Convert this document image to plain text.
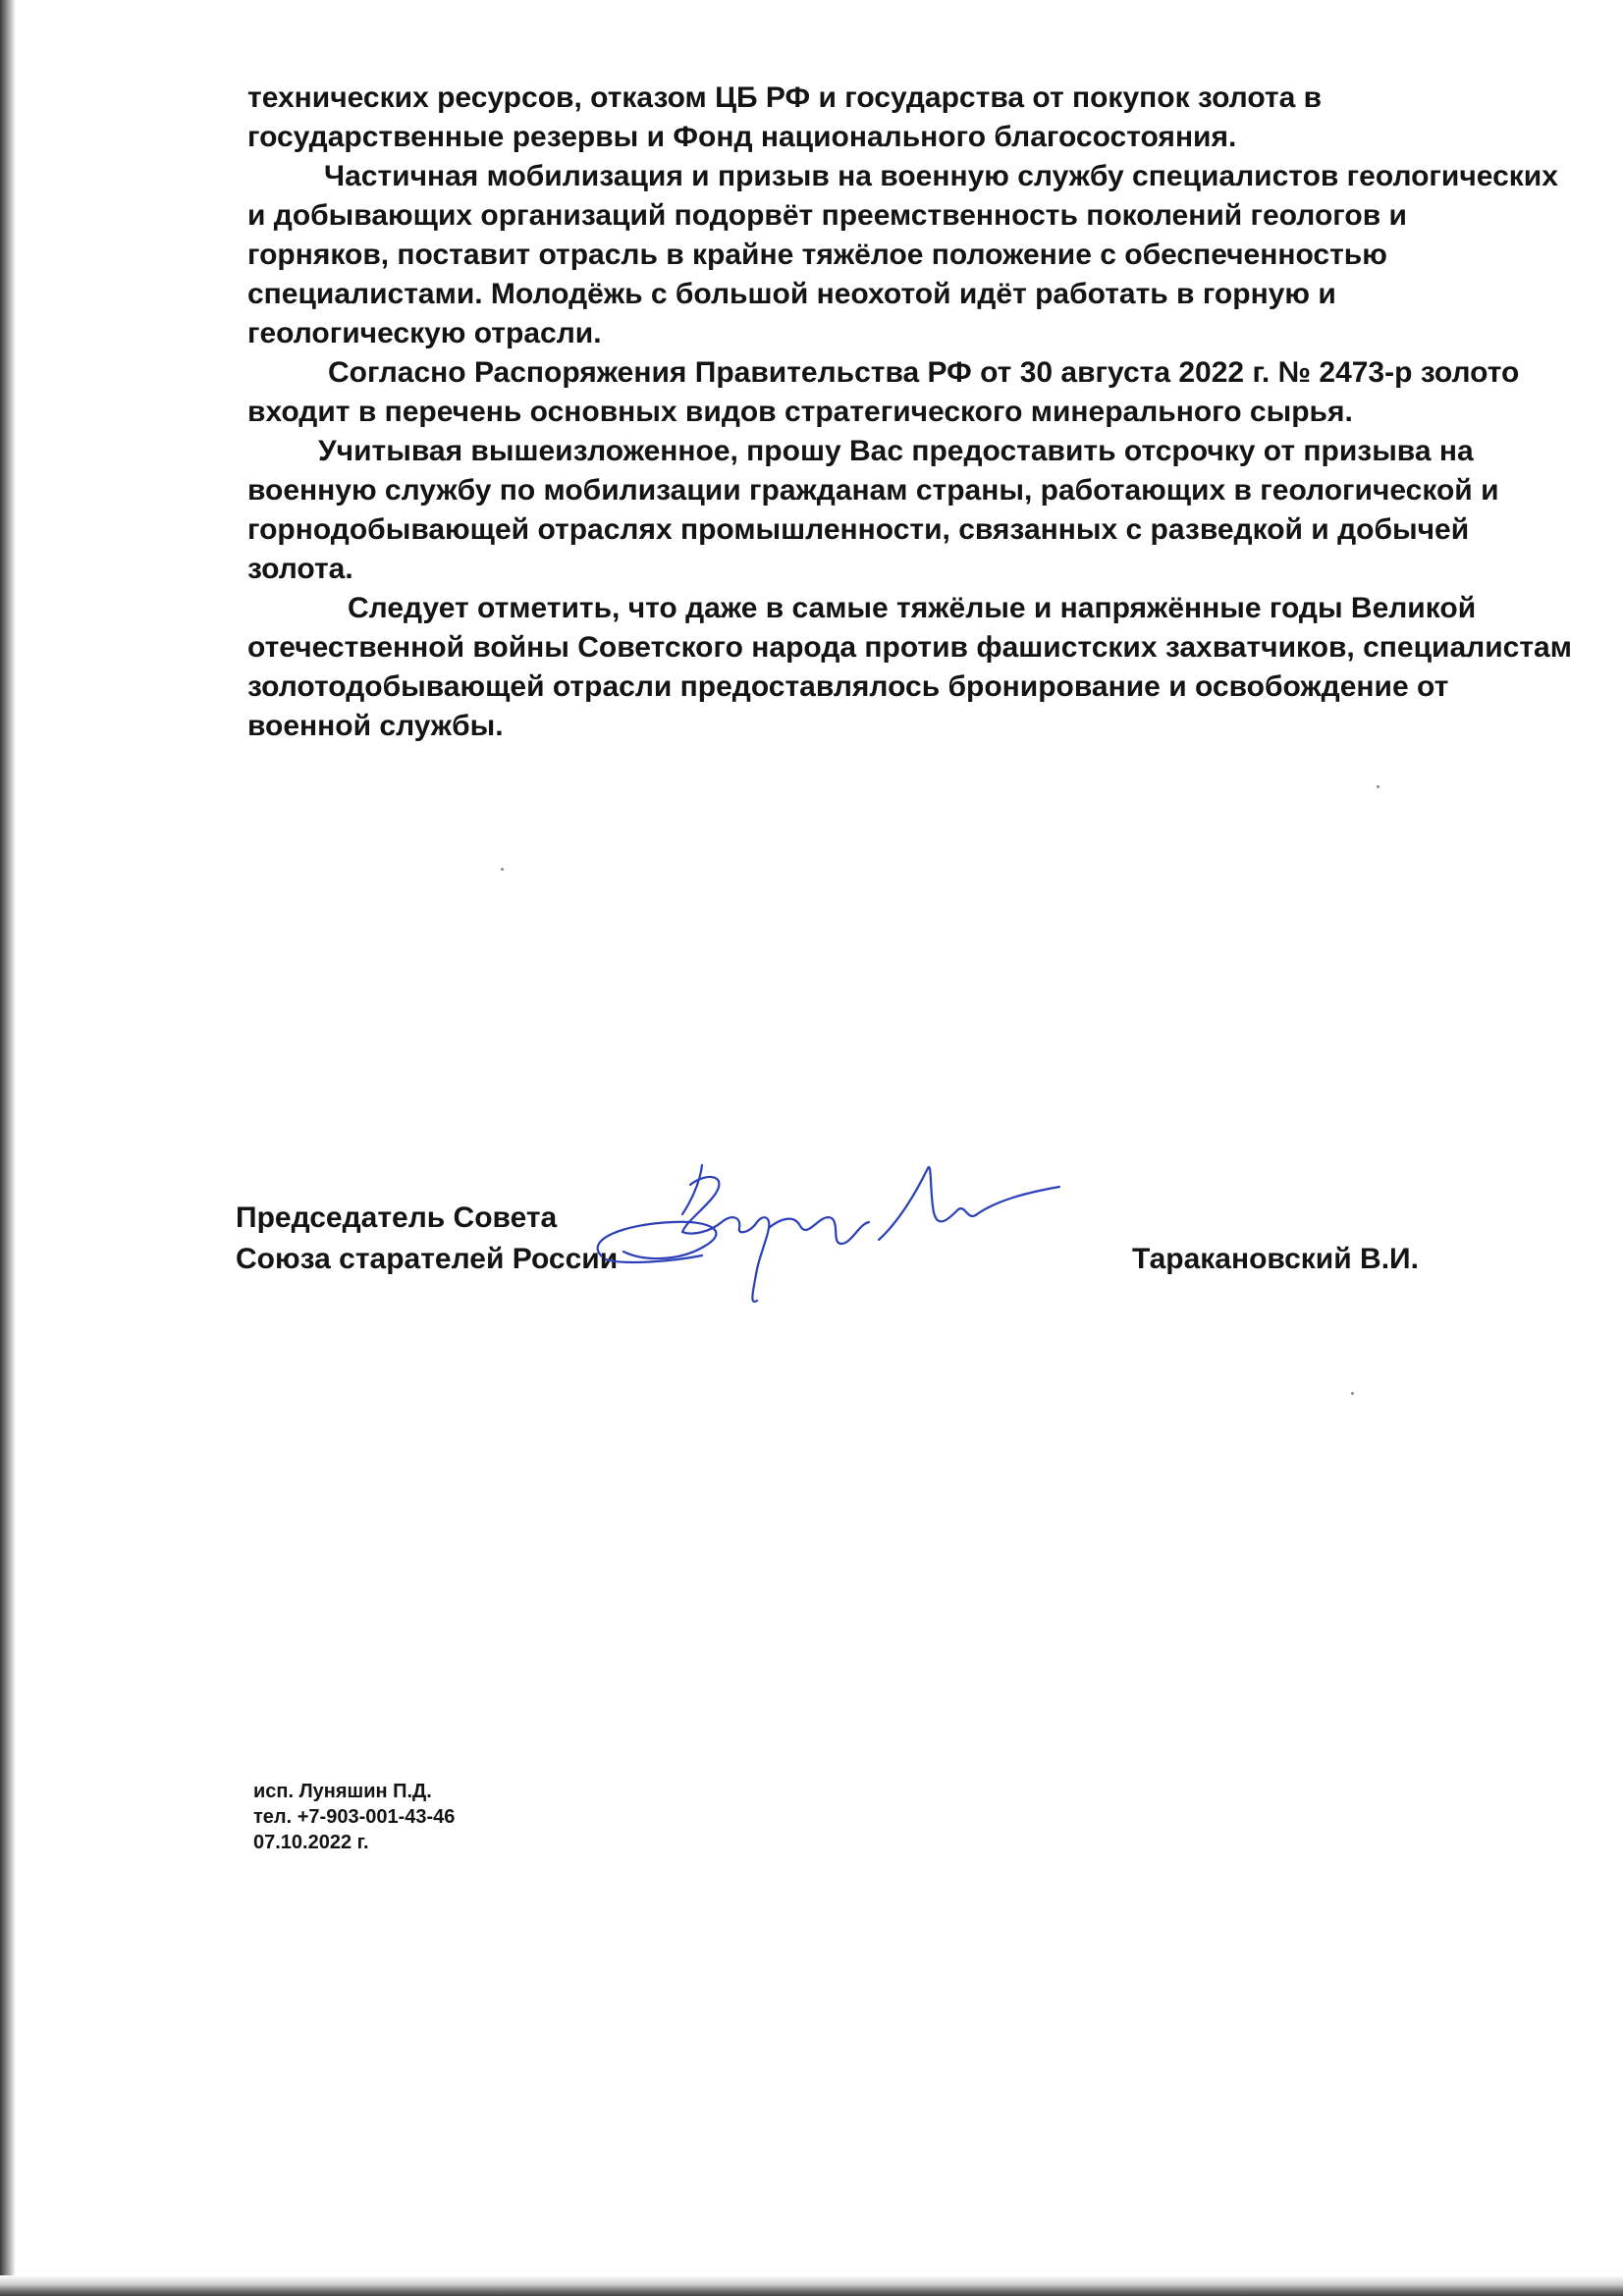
технических ресурсов, отказом ЦБ РФ и государства от покупок золота в
государственные резервы и Фонд национального благосостояния.
Частичная мобилизация и призыв на военную службу специалистов геологических
и добывающих организаций подорвёт преемственность поколений геологов и
горняков, поставит отрасль в крайне тяжёлое положение с обеспеченностью
специалистами. Молодёжь с большой неохотой идёт работать в горную и
геологическую отрасли.
Согласно Распоряжения Правительства РФ от 30 августа 2022 г. № 2473-р золото
входит в перечень основных видов стратегического минерального сырья.
Учитывая вышеизложенное, прошу Вас предоставить отсрочку от призыва на
военную службу по мобилизации гражданам страны, работающих в геологической и
горнодобывающей отраслях промышленности, связанных с разведкой и добычей
золота.
Следует отметить, что даже в самые тяжёлые и напряжённые годы Великой
отечественной войны Советского народа против фашистских захватчиков, специалистам
золотодобывающей отрасли предоставлялось бронирование и освобождение от
военной службы.
Председатель Совета
Союза старателей России	Таракановский В.И.
исп. Луняшин П.Д.
тел. +7-903-001-43-46
07.10.2022 г.
